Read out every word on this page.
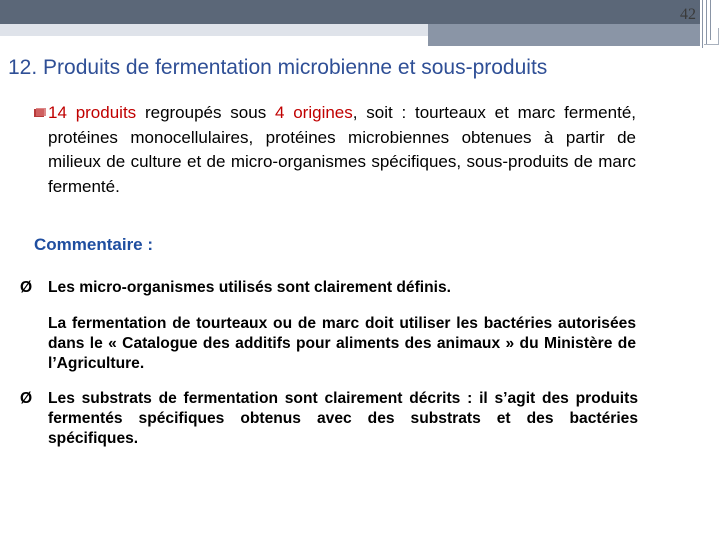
42
12. Produits de fermentation microbienne et sous-produits

14 produits regroupés sous 4 origines, soit : tourteaux et marc fermenté, protéines monocellulaires, protéines microbiennes obtenues à partir de milieux de culture et de micro-organismes spécifiques, sous-produits de marc fermenté.

Commentaire :

Ø Les micro-organismes utilisés sont clairement définis.

La fermentation de tourteaux ou de marc doit utiliser les bactéries autorisées dans le « Catalogue des additifs pour aliments des animaux » du Ministère de l’Agriculture.

Ø Les substrats de fermentation sont clairement décrits : il s’agit des produits fermentés spécifiques obtenus avec des substrats et des bactéries spécifiques.
